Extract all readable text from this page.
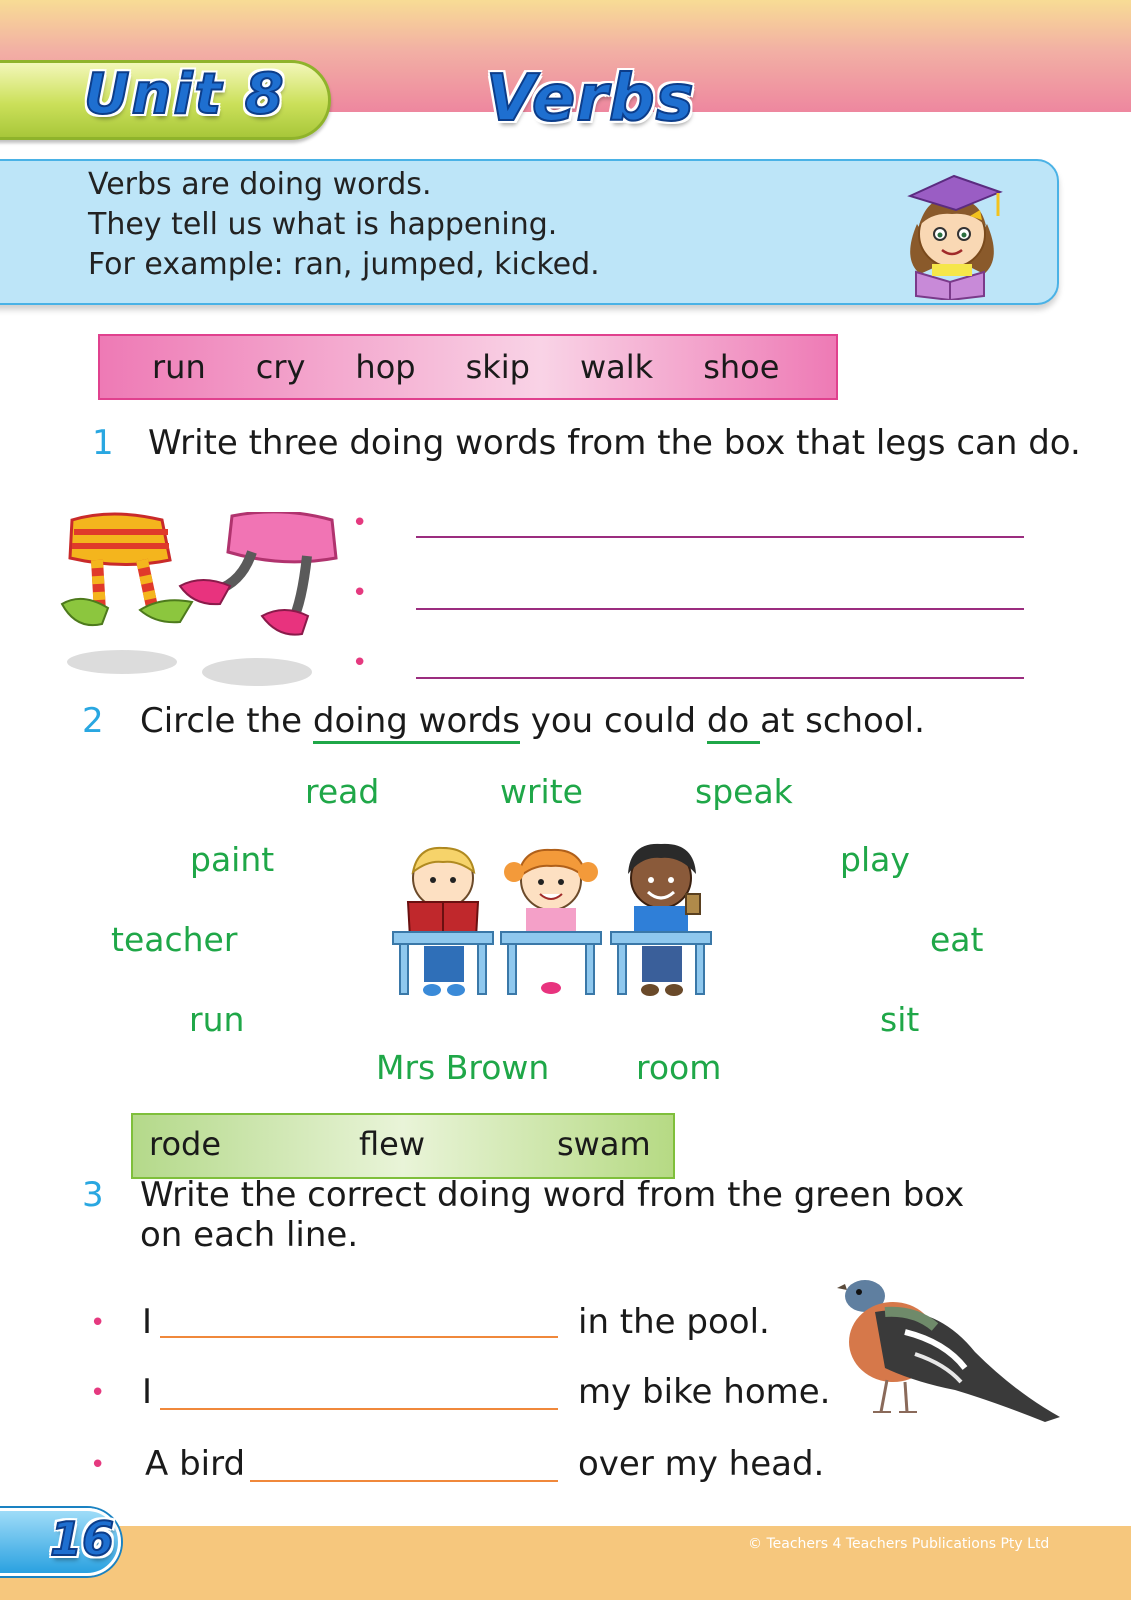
Unit 8	Verbs
Verbs are doing words.
They tell us what is happening.
For example: ran, jumped, kicked.
run cry hop skip walk shoe
1 Write three doing words from the box that legs can do.
•
•
•
2 Circle the doing words you could do at school.
read	write	speak
paint	play
teacher	eat
run	sit
Mrs Brown	room
rode	flew	swam
3 Write the correct doing word from the green box
on each line.
• I	in the pool.
• I	my bike home.
• A bird	over my head.
16	© Teachers 4 Teachers Publications Pty Ltd
